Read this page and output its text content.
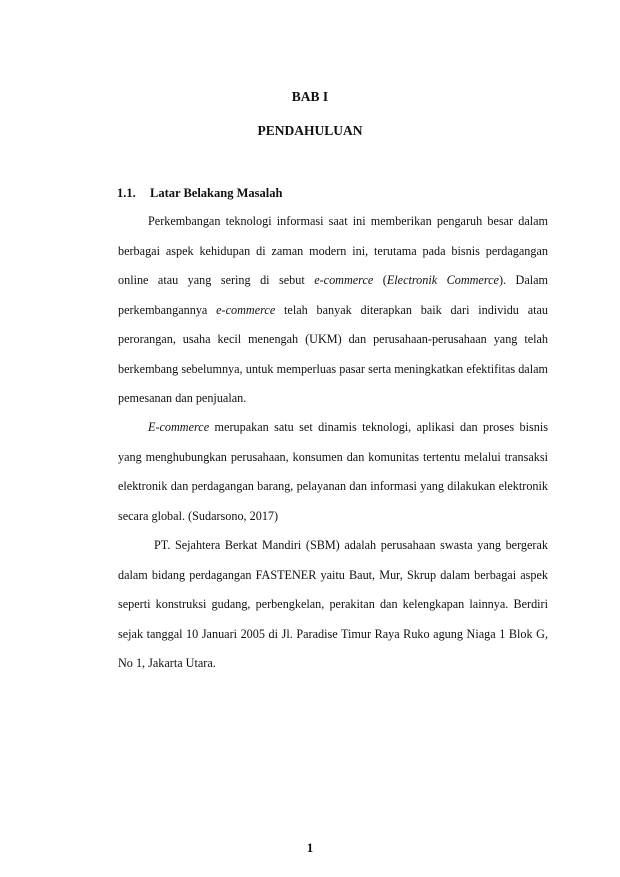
BAB I
PENDAHULUAN
1.1. Latar Belakang Masalah

Perkembangan teknologi informasi saat ini memberikan pengaruh besar dalam berbagai aspek kehidupan di zaman modern ini, terutama pada bisnis perdagangan online atau yang sering di sebut e-commerce (Electronik Commerce). Dalam perkembangannya e-commerce telah banyak diterapkan baik dari individu atau perorangan, usaha kecil menengah (UKM) dan perusahaan-perusahaan yang telah berkembang sebelumnya, untuk memperluas pasar serta meningkatkan efektifitas dalam pemesanan dan penjualan.

E-commerce merupakan satu set dinamis teknologi, aplikasi dan proses bisnis yang menghubungkan perusahaan, konsumen dan komunitas tertentu melalui transaksi elektronik dan perdagangan barang, pelayanan dan informasi yang dilakukan elektronik secara global. (Sudarsono, 2017)

PT. Sejahtera Berkat Mandiri (SBM) adalah perusahaan swasta yang bergerak dalam bidang perdagangan FASTENER yaitu Baut, Mur, Skrup dalam berbagai aspek seperti konstruksi gudang, perbengkelan, perakitan dan kelengkapan lainnya. Berdiri sejak tanggal 10 Januari 2005 di Jl. Paradise Timur Raya Ruko agung Niaga 1 Blok G, No 1, Jakarta Utara.

1
